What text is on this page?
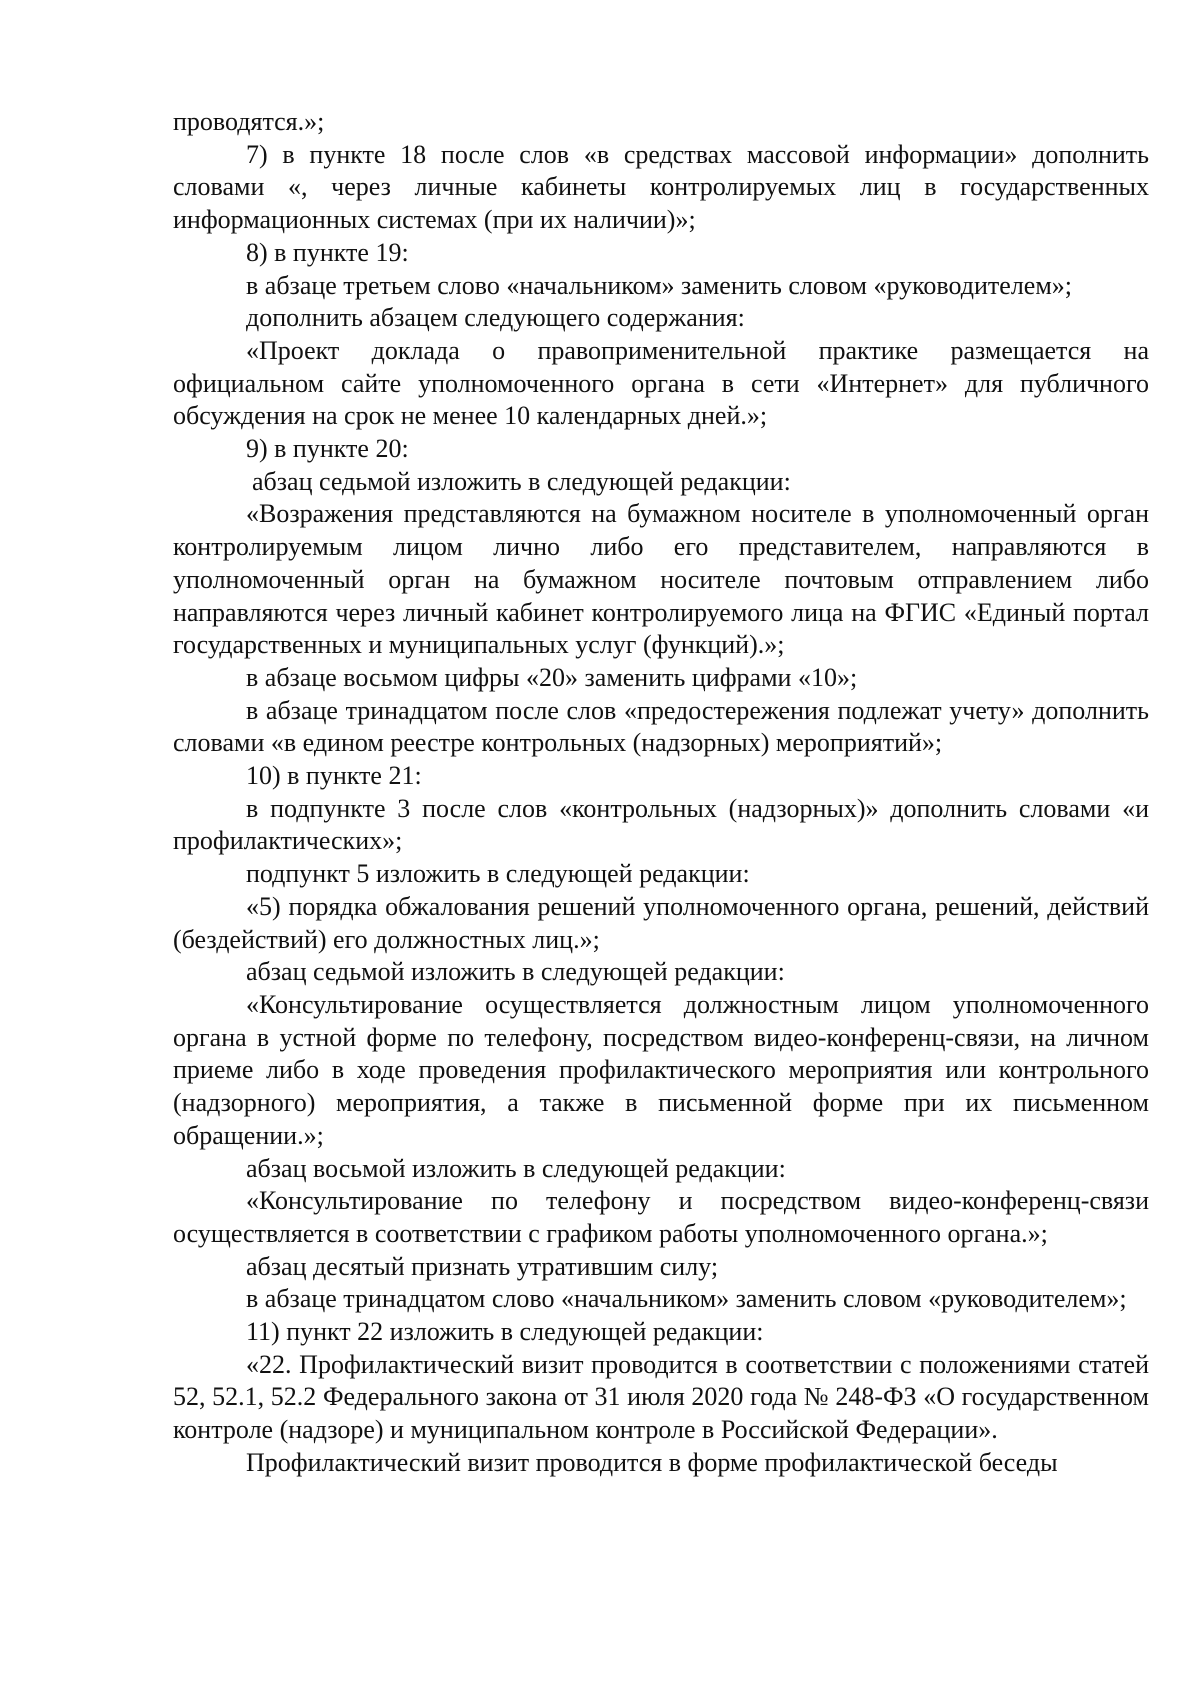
проводятся.»;

7) в пункте 18 после слов «в средствах массовой информации» дополнить словами «, через личные кабинеты контролируемых лиц в государственных информационных системах (при их наличии)»;

8) в пункте 19:

в абзаце третьем слово «начальником» заменить словом «руководителем»;

дополнить абзацем следующего содержания:

«Проект доклада о правоприменительной практике размещается на официальном сайте уполномоченного органа в сети «Интернет» для публичного обсуждения на срок не менее 10 календарных дней.»;

9) в пункте 20:

абзац седьмой изложить в следующей редакции:

«Возражения представляются на бумажном носителе в уполномоченный орган контролируемым лицом лично либо его представителем, направляются в уполномоченный орган на бумажном носителе почтовым отправлением либо направляются через личный кабинет контролируемого лица на ФГИС «Единый портал государственных и муниципальных услуг (функций).»;

в абзаце восьмом цифры «20» заменить цифрами «10»;

в абзаце тринадцатом после слов «предостережения подлежат учету» дополнить словами «в едином реестре контрольных (надзорных) мероприятий»;

10) в пункте 21:

в подпункте 3 после слов «контрольных (надзорных)» дополнить словами «и профилактических»;

подпункт 5 изложить в следующей редакции:

«5) порядка обжалования решений уполномоченного органа, решений, действий (бездействий) его должностных лиц.»;

абзац седьмой изложить в следующей редакции:

«Консультирование осуществляется должностным лицом уполномоченного органа в устной форме по телефону, посредством видео-конференц-связи, на личном приеме либо в ходе проведения профилактического мероприятия или контрольного (надзорного) мероприятия, а также в письменной форме при их письменном обращении.»;

абзац восьмой изложить в следующей редакции:

«Консультирование по телефону и посредством видео-конференц-связи осуществляется в соответствии с графиком работы уполномоченного органа.»;

абзац десятый признать утратившим силу;

в абзаце тринадцатом слово «начальником» заменить словом «руководителем»;

11) пункт 22 изложить в следующей редакции:

«22. Профилактический визит проводится в соответствии с положениями статей 52, 52.1, 52.2 Федерального закона от 31 июля 2020 года № 248-ФЗ «О государственном контроле (надзоре) и муниципальном контроле в Российской Федерации».

Профилактический визит проводится в форме профилактической беседы
